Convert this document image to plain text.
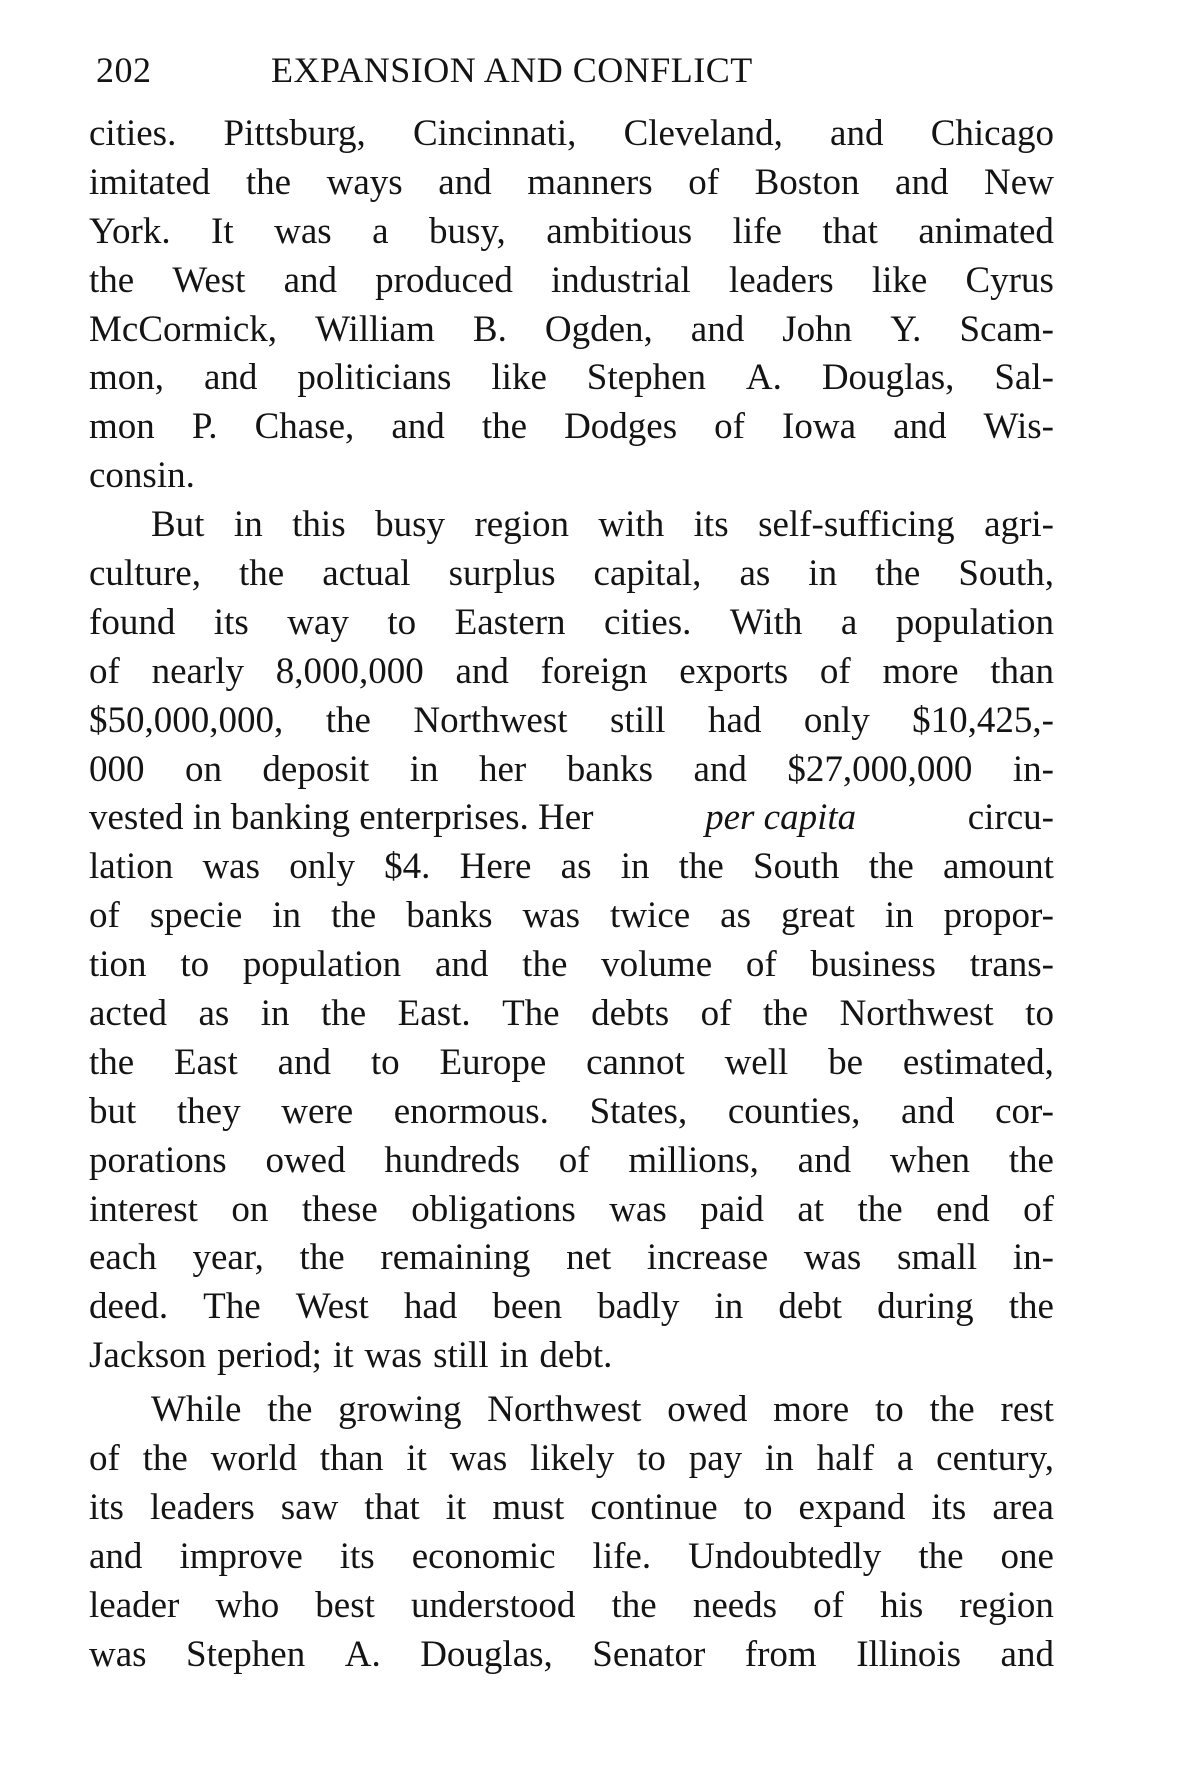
202	EXPANSION AND CONFLICT
cities. Pittsburg, Cincinnati, Cleveland, and Chicago
imitated the ways and manners of Boston and New
York. It was a busy, ambitious life that animated
the West and produced industrial leaders like Cyrus
McCormick, William B. Ogden, and John Y. Scam-
mon, and politicians like Stephen A. Douglas, Sal-
mon P. Chase, and the Dodges of Iowa and Wis-
consin.
But in this busy region with its self-sufficing agri-
culture, the actual surplus capital, as in the South,
found its way to Eastern cities. With a population
of nearly 8,000,000 and foreign exports of more than
$50,000,000, the Northwest still had only $10,425,-
000 on deposit in her banks and $27,000,000 in-
vested in banking enterprises. Her	per capita	circu-
lation was only $4. Here as in the South the amount
of specie in the banks was twice as great in propor-
tion to population and the volume of business trans-
acted as in the East. The debts of the Northwest to
the East and to Europe cannot well be estimated,
but they were enormous. States, counties, and cor-
porations owed hundreds of millions, and when the
interest on these obligations was paid at the end of
each year, the remaining net increase was small in-
deed. The West had been badly in debt during the
Jackson period; it was still in debt.
While the growing Northwest owed more to the rest
of the world than it was likely to pay in half a century,
its leaders saw that it must continue to expand its area
and improve its economic life. Undoubtedly the one
leader who best understood the needs of his region
was Stephen A. Douglas, Senator from Illinois and
